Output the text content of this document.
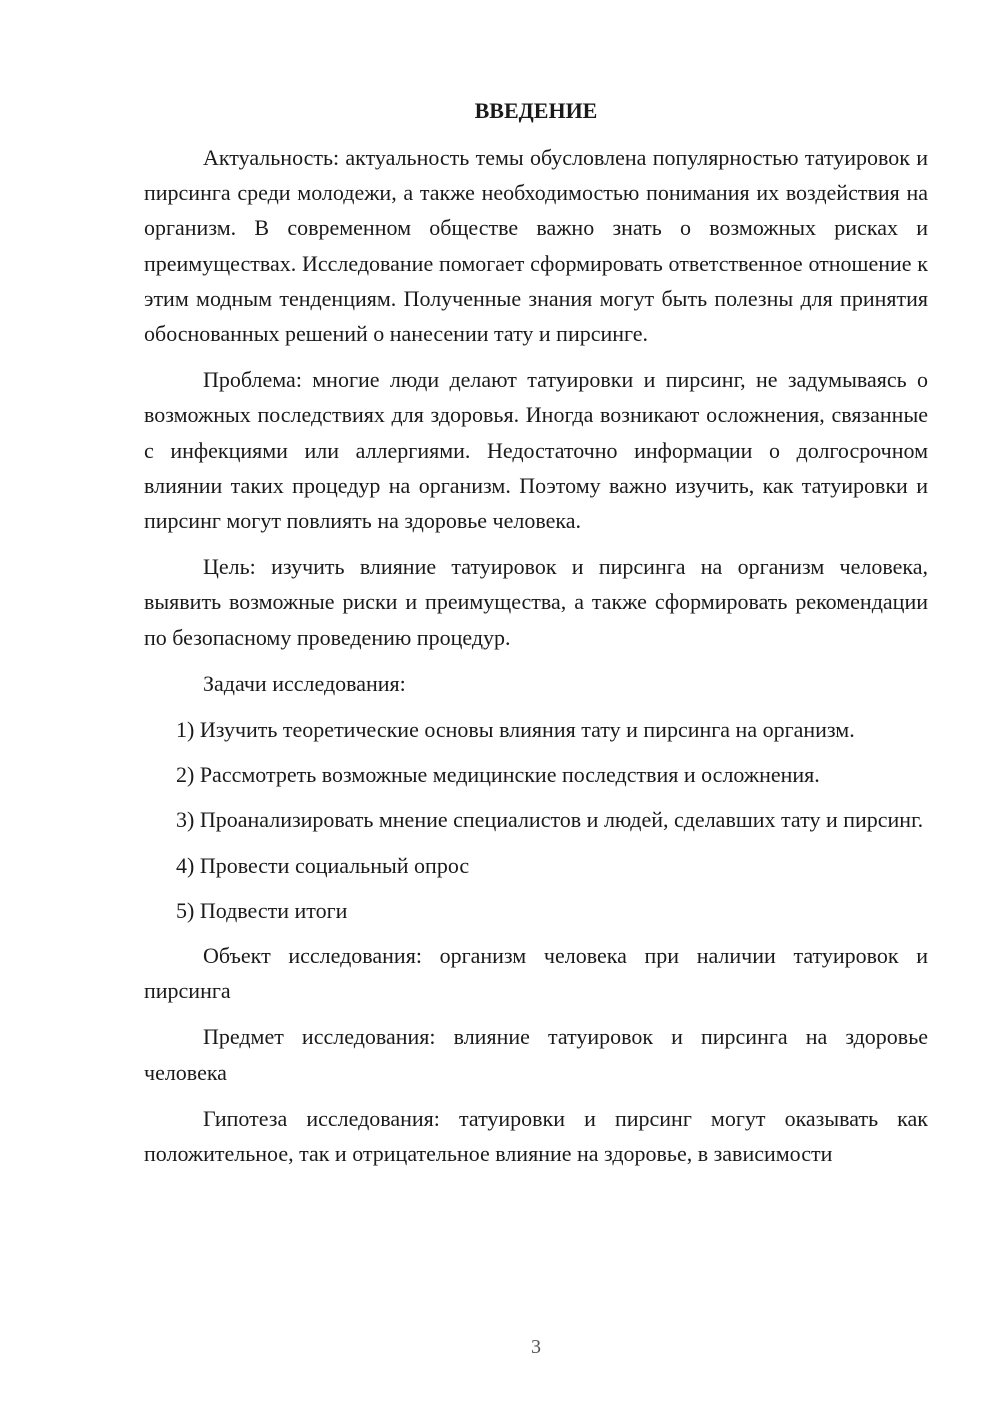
ВВЕДЕНИЕ

Актуальность: актуальность темы обусловлена популярностью татуировок и пирсинга среди молодежи, а также необходимостью понимания их воздействия на организм. В современном обществе важно знать о возможных рисках и преимуществах. Исследование помогает сформировать ответственное отношение к этим модным тенденциям. Полученные знания могут быть полезны для принятия обоснованных решений о нанесении тату и пирсинге.

Проблема: многие люди делают татуировки и пирсинг, не задумываясь о возможных последствиях для здоровья. Иногда возникают осложнения, связанные с инфекциями или аллергиями. Недостаточно информации о долгосрочном влиянии таких процедур на организм. Поэтому важно изучить, как татуировки и пирсинг могут повлиять на здоровье человека.

Цель: изучить влияние татуировок и пирсинга на организм человека, выявить возможные риски и преимущества, а также сформировать рекомендации по безопасному проведению процедур.

Задачи исследования:

1) Изучить теоретические основы влияния тату и пирсинга на организм.

2) Рассмотреть возможные медицинские последствия и осложнения.

3) Проанализировать мнение специалистов и людей, сделавших тату и пирсинг.

4) Провести социальный опрос

5) Подвести итоги

Объект исследования: организм человека при наличии татуировок и пирсинга

Предмет исследования: влияние татуировок и пирсинга на здоровье человека

Гипотеза исследования: татуировки и пирсинг могут оказывать как положительное, так и отрицательное влияние на здоровье, в зависимости

3
